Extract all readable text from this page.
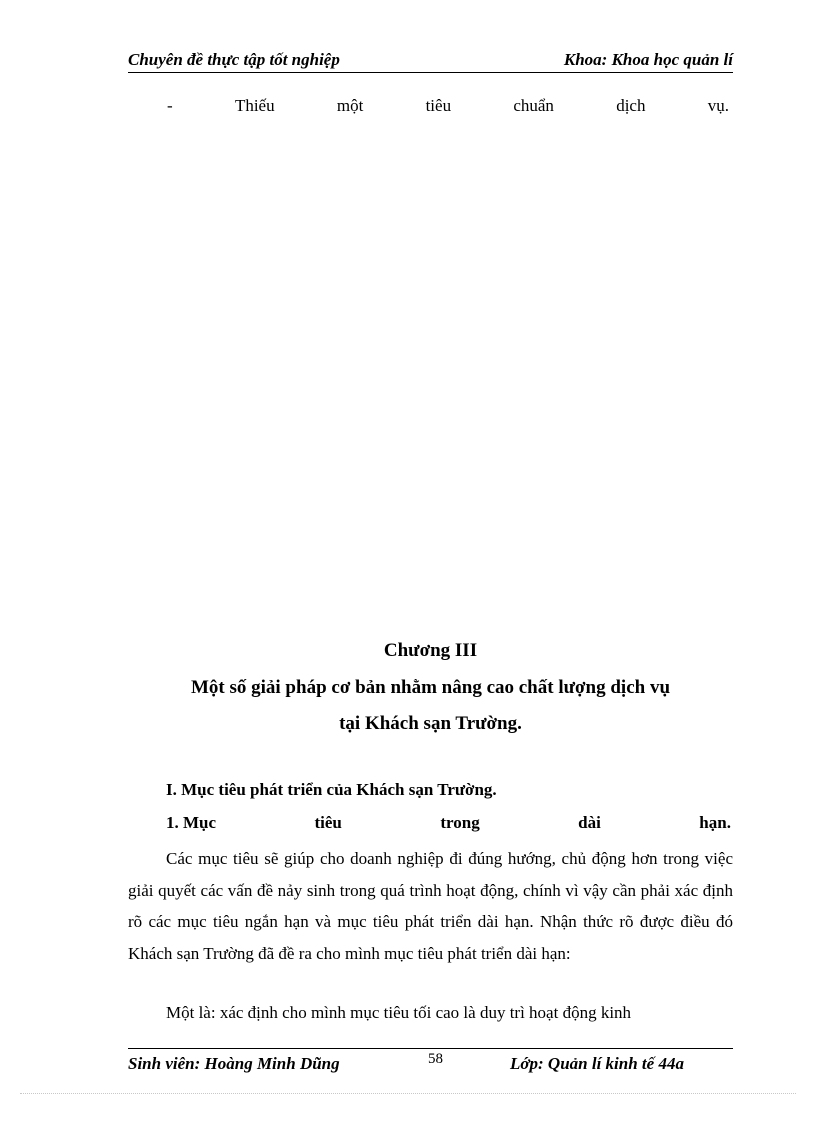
Chuyên đề thực tập tốt nghiệp	Khoa: Khoa học quản lí
-	Thiếu	một	tiêu	chuẩn	dịch	vụ.
Chương III
Một số giải pháp cơ bản nhằm nâng cao chất lượng dịch vụ
tại Khách sạn Trường.
I. Mục tiêu phát triển của Khách sạn Trường.
1. Mục	tiêu	trong	dài	hạn.

Các mục tiêu sẽ giúp cho doanh nghiệp đi đúng hướng, chủ động hơn trong việc giải quyết các vấn đề nảy sinh trong quá trình hoạt động, chính vì vậy cần phải xác định rõ các mục tiêu ngắn hạn và mục tiêu phát triển dài hạn. Nhận thức rõ được điều đó Khách sạn Trường đã đề ra cho mình mục tiêu phát triển dài hạn:

Một là: xác định cho mình mục tiêu tối cao là duy trì hoạt động kinh

Sinh viên: Hoàng Minh Dũng	58	Lớp: Quản lí kinh tế 44a
